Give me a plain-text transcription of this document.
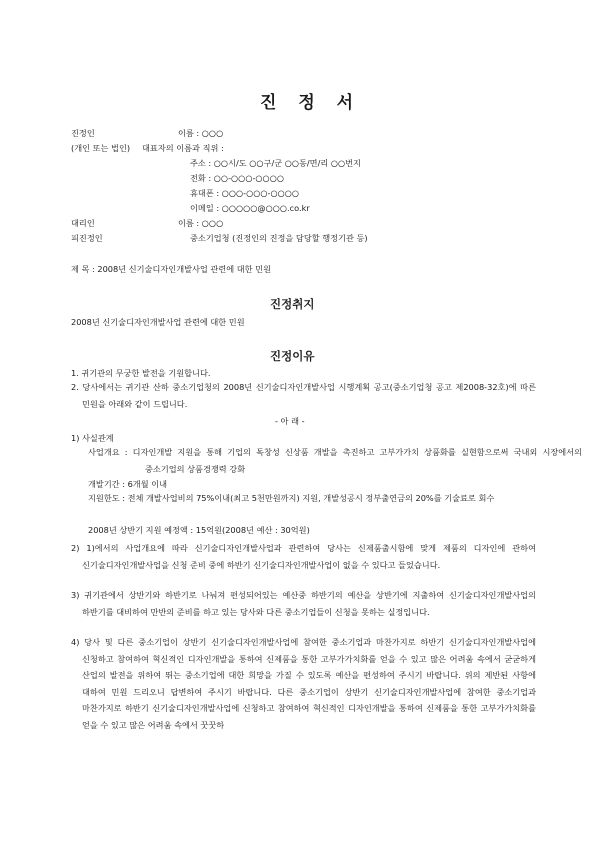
진 정 서
진정인	이름 : ○○○
(개인 또는 법인) 대표자의 이름과 직위 :
주소 : ○○시/도 ○○구/군 ○○동/면/리 ○○번지
전화 : ○○-○○○-○○○○
휴대폰 : ○○○-○○○-○○○○
이메일 : ○○○○○@○○○.co.kr
대리인	이름 : ○○○
피진정인	중소기업청 (진정인의 진정을 담당할 행정기관 등)
제 목 : 2008년 신기술디자인개발사업 관련에 대한 민원
진정취지
2008년 신기술디자인개발사업 관련에 대한 민원
진정이유
1. 귀기관의 무궁한 발전을 기원합니다.
2. 당사에서는 귀기관 산하 중소기업청의 2008년 신기술디자인개발사업 시행계획 공고(중소기업청 공고 제2008-32호)에 따른 민원을 아래와 같이 드립니다.
- 아 래 -
1) 사실관계
사업개요 : 디자인개발 지원을 통해 기업의 독창성 신상품 개발을 촉진하고 고부가가치 상품화를 실현함으로써 국내외 시장에서의 중소기업의 상품경쟁력 강화
개발기간 : 6개월 이내
지원한도 : 전체 개발사업비의 75%이내(최고 5천만원까지) 지원, 개발성공시 정부출연금의 20%를 기술료로 회수
2008년 상반기 지원 예정액 : 15억원(2008년 예산 : 30억원)
2) 1)에서의 사업개요에 따라 신기술디자인개발사업과 관련하여 당사는 신제품출시함에 맞게 제품의 디자인에 관하여 신기술디자인개발사업을 신청 준비 중에 하반기 신기술디자인개발사업이 없을 수 있다고 들었습니다.
3) 귀기관에서 상반기와 하반기로 나눠져 편성되어있는 예산중 하반기의 예산을 상반기에 지출하여 신기술디자인개발사업의 하반기를 대비하여 만반의 준비를 하고 있는 당사와 다른 중소기업들이 신청을 못하는 실정입니다.
4) 당사 및 다른 중소기업이 상반기 신기술디자인개발사업에 참여한 중소기업과 마찬가지로 하반기 신기술디자인개발사업에 신청하고 참여하여 혁신적인 디자인개발을 통하여 신제품을 통한 고부가가치화를 얻을 수 있고 많은 어려움 속에서 굳굳하게 산업의 발전을 위하여 뛰는 중소기업에 대한 희망을 가질 수 있도록 예산을 편성하여 주시기 바랍니다. 위의 제반된 사항에 대하여 민원 드리오니 답변하여 주시기 바랍니다. 다른 중소기업이 상반기 신기술디자인개발사업에 참여한 중소기업과 마찬가지로 하반기 신기술디자인개발사업에 신청하고 참여하여 혁신적인 디자인개발을 통하여 신제품을 통한 고부가가치화를 얻을 수 있고 많은 어려움 속에서 꿋꿋하
